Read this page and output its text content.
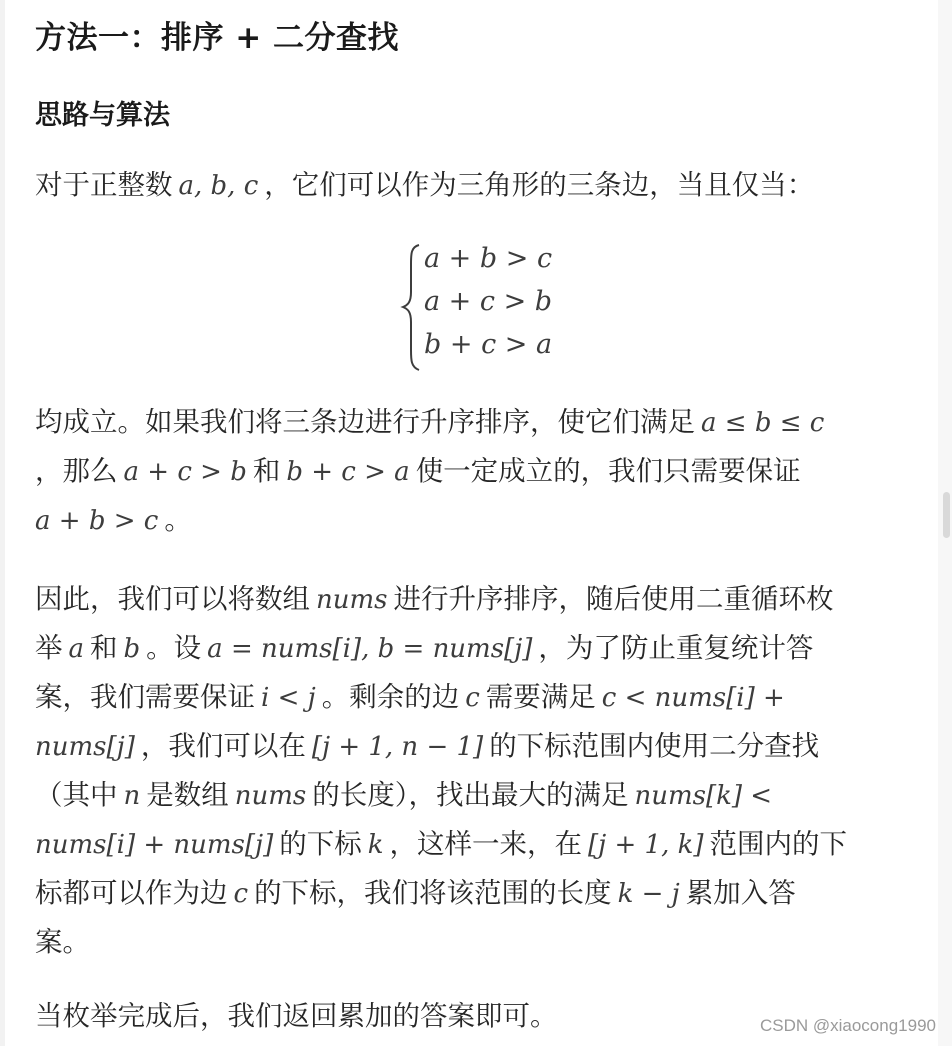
方法一：排序 + 二分查找
思路与算法
对于正整数 a, b, c ，它们可以作为三角形的三条边，当且仅当：
a + b > c
a + c > b
b + c > a
均成立。如果我们将三条边进行升序排序，使它们满足 a ≤ b ≤ c
，那么 a + c > b 和 b + c > a 使一定成立的，我们只需要保证
a + b > c 。
因此，我们可以将数组 nums 进行升序排序，随后使用二重循环枚
举 a 和 b 。设 a = nums[i], b = nums[j] ，为了防止重复统计答
案，我们需要保证 i < j 。剩余的边 c 需要满足 c < nums[i] +
nums[j] ，我们可以在 [j + 1, n − 1] 的下标范围内使用二分查找
（其中 n 是数组 nums 的长度），找出最大的满足 nums[k] <
nums[i] + nums[j] 的下标 k ，这样一来，在 [j + 1, k] 范围内的下
标都可以作为边 c 的下标，我们将该范围的长度 k − j 累加入答
案。
当枚举完成后，我们返回累加的答案即可。	CSDN @xiaocong1990
